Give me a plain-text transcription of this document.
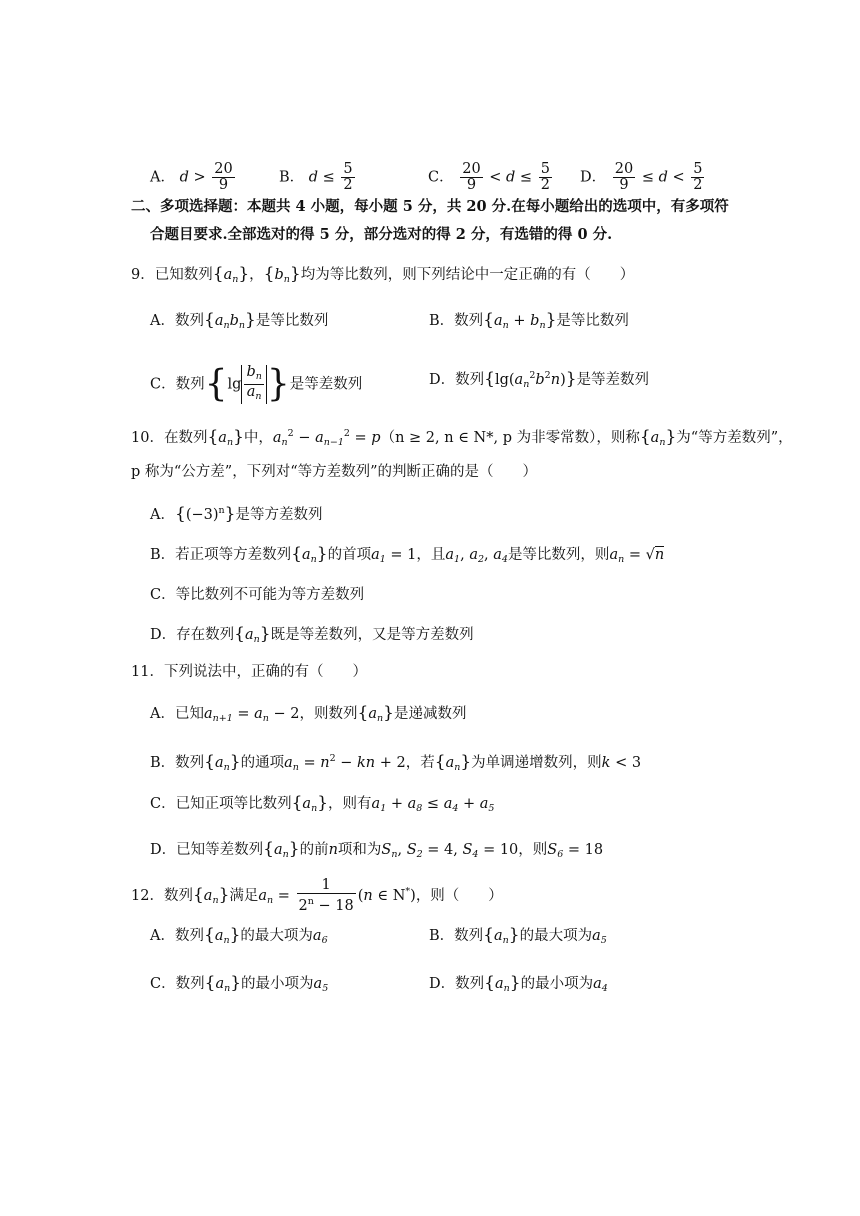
A． $d > \frac{20}{9}$	B． $d \le \frac{5}{2}$	C． $\frac{20}{9} < d \le \frac{5}{2}$ D． $\frac{20}{9} \le d < \frac{5}{2}$
二、多项选择题：本题共 4 小题，每小题 5 分，共 20 分.在每小题给出的选项中，有多项符
合题目要求.全部选对的得 5 分，部分选对的得 2 分，有选错的得 0 分.
9．已知数列$\{a_n\}$，$\{b_n\}$均为等比数列，则下列结论中一定正确的有（　　）
A．数列$\{a_nb_n\}$是等比数列	B．数列$\{a_n + b_n\}$是等比数列
C．数列{$\lg \frac{b_n}{a_n}$ }是等差数列	D．数列$\{\lg(a_n^2b^2n)\}$是等差数列
10．在数列$\{a_n\}$中，$a_n^2 - a_{n-1}^2 = p(n \ge 2$, n ∈ N*, p 为非零常数），则称$\{a_n\}$为“等方差数列”，
p 称为“公方差”，下列对“等方差数列”的判断正确的是（　　）
A．$\{(-3)^n\}$是等方差数列
B．若正项等方差数列$\{a_n\}$的首项$a_1 = 1$，且$a_1$, $a_2$, $a_4$是等比数列，则$a_n = √n$
C．等比数列不可能为等方差数列
D．存在数列$\{a_n\}$既是等差数列，又是等方差数列
11．下列说法中，正确的有（　　）
A．已知$a_{n+1} = a_n - 2$，则数列$\{a_n\}$是递减数列
B．数列$\{a_n\}$的通项$a_n = n^2$ − kn + 2，若$\{a_n\}$为单调递增数列，则k < 3
C．已知正项等比数列$\{a_n\}$，则有$a_1 + a_8 \le a_4 + a_5$
D．已知等差数列$\{a_n\}$的前n项和为$S_n$, $S_2 = 4$, $S_4 = 10$，则$S_6 = 18$
12．数列$\{a_n\}$满足$a_n = \frac{1}{2^n - 18} (n$ ∈ N*)，则（　　）
A．数列$\{a_n\}$的最大项为$a_6$	B．数列$\{a_n\}$的最大项为$a_5$
C．数列$\{a_n\}$的最小项为$a_5$	D．数列$\{a_n\}$的最小项为$a_4$
